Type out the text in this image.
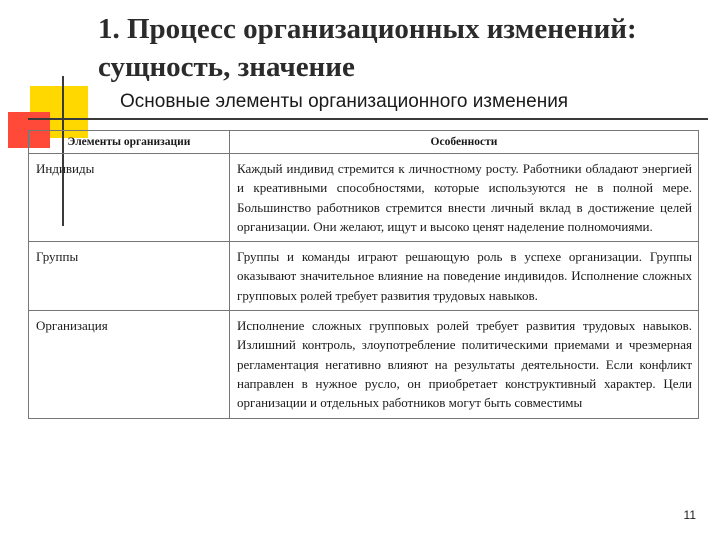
1. Процесс организационных изменений:
сущность, значение
Основные элементы организационного изменения
Элементы организации	Особенности
Индивиды	Каждый индивид стремится к личностному росту. Работники обладают энергией и креативными способностями, которые используются не в полной мере. Большинство работников стремится внести личный вклад в достижение целей организации. Они желают, ищут и высоко ценят наделение полномочиями.
Группы	Группы и команды играют решающую роль в успехе организации. Группы оказывают значительное влияние на поведение индивидов. Исполнение сложных групповых ролей требует развития трудовых навыков.
Организация	Исполнение сложных групповых ролей требует развития трудовых навыков. Излишний контроль, злоупотребление политическими приемами и чрезмерная регламентация негативно влияют на результаты деятельности. Если конфликт направлен в нужное русло, он приобретает конструктивный характер. Цели организации и отдельных работников могут быть совместимы
11
